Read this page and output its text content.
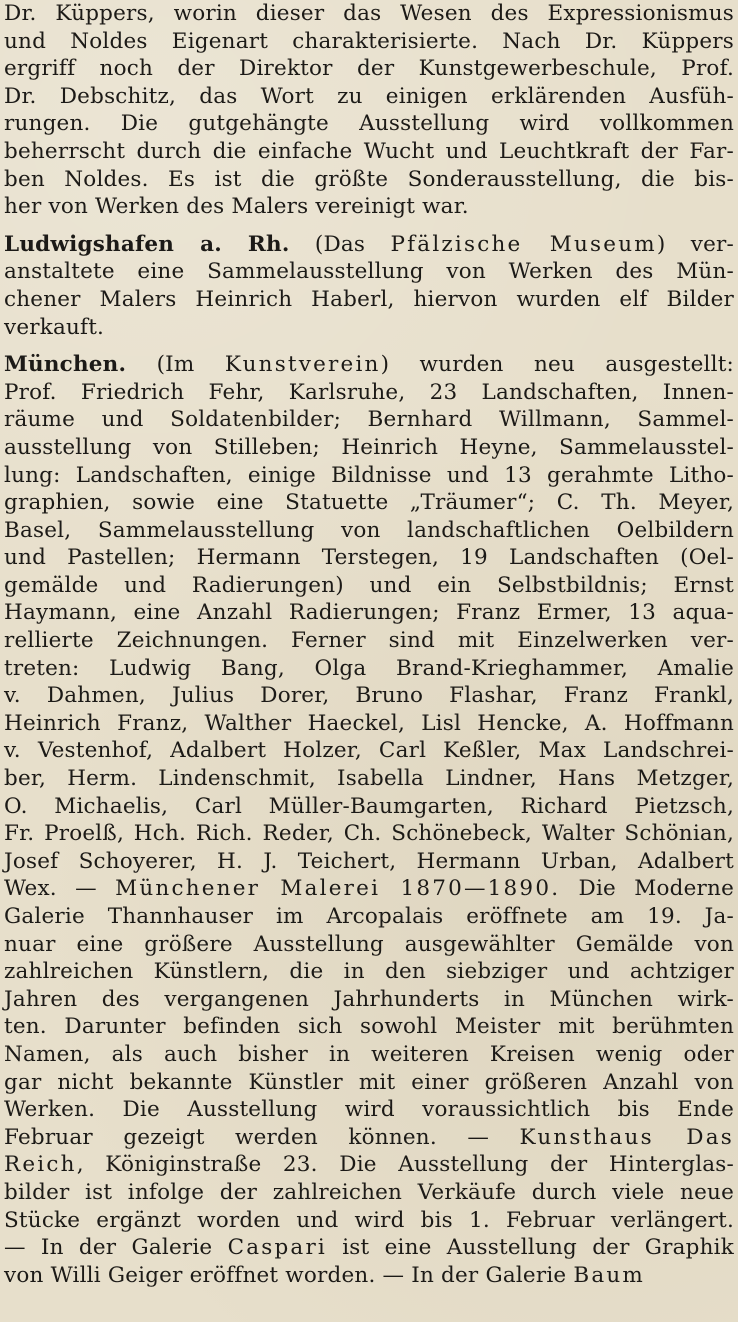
Dr. Küppers, worin dieser das Wesen des Expressionismus
und Noldes Eigenart charakterisierte. Nach Dr. Küppers
ergriff noch der Direktor der Kunstgewerbeschule, Prof.
Dr. Debschitz, das Wort zu einigen erklärenden Ausfüh-
rungen. Die gutgehängte Ausstellung wird vollkommen
beherrscht durch die einfache Wucht und Leuchtkraft der Far-
ben Noldes. Es ist die größte Sonderausstellung, die bis-
her von Werken des Malers vereinigt war.
Ludwigshafen a. Rh. (Das Pfälzische Museum) ver-
anstaltete eine Sammelausstellung von Werken des Mün-
chener Malers Heinrich Haberl, hiervon wurden elf Bilder
verkauft.
München. (Im Kunstverein) wurden neu ausgestellt:
Prof. Friedrich Fehr, Karlsruhe, 23 Landschaften, Innen-
räume und Soldatenbilder; Bernhard Willmann, Sammel-
ausstellung von Stilleben; Heinrich Heyne, Sammelausstel-
lung: Landschaften, einige Bildnisse und 13 gerahmte Litho-
graphien, sowie eine Statuette „Träumer“; C. Th. Meyer,
Basel, Sammelausstellung von landschaftlichen Oelbildern
und Pastellen; Hermann Terstegen, 19 Landschaften (Oel-
gemälde und Radierungen) und ein Selbstbildnis; Ernst
Haymann, eine Anzahl Radierungen; Franz Ermer, 13 aqua-
rellierte Zeichnungen. Ferner sind mit Einzelwerken ver-
treten: Ludwig Bang, Olga Brand-Krieghammer, Amalie
v. Dahmen, Julius Dorer, Bruno Flashar, Franz Frankl,
Heinrich Franz, Walther Haeckel, Lisl Hencke, A. Hoffmann
v. Vestenhof, Adalbert Holzer, Carl Keßler, Max Landschrei-
ber, Herm. Lindenschmit, Isabella Lindner, Hans Metzger,
O. Michaelis, Carl Müller-Baumgarten, Richard Pietzsch,
Fr. Proelß, Hch. Rich. Reder, Ch. Schönebeck, Walter Schönian,
Josef Schoyerer, H. J. Teichert, Hermann Urban, Adalbert
Wex. — Münchener Malerei 1870—1890. Die Moderne
Galerie Thannhauser im Arcopalais eröffnete am 19. Ja-
nuar eine größere Ausstellung ausgewählter Gemälde von
zahlreichen Künstlern, die in den siebziger und achtziger
Jahren des vergangenen Jahrhunderts in München wirk-
ten. Darunter befinden sich sowohl Meister mit berühmten
Namen, als auch bisher in weiteren Kreisen wenig oder
gar nicht bekannte Künstler mit einer größeren Anzahl von
Werken. Die Ausstellung wird voraussichtlich bis Ende
Februar gezeigt werden können. — Kunsthaus Das
Reich, Königinstraße 23. Die Ausstellung der Hinterglas-
bilder ist infolge der zahlreichen Verkäufe durch viele neue
Stücke ergänzt worden und wird bis 1. Februar verlängert.
— In der Galerie Caspari ist eine Ausstellung der Graphik
von Willi Geiger eröffnet worden. — In der Galerie Baum
